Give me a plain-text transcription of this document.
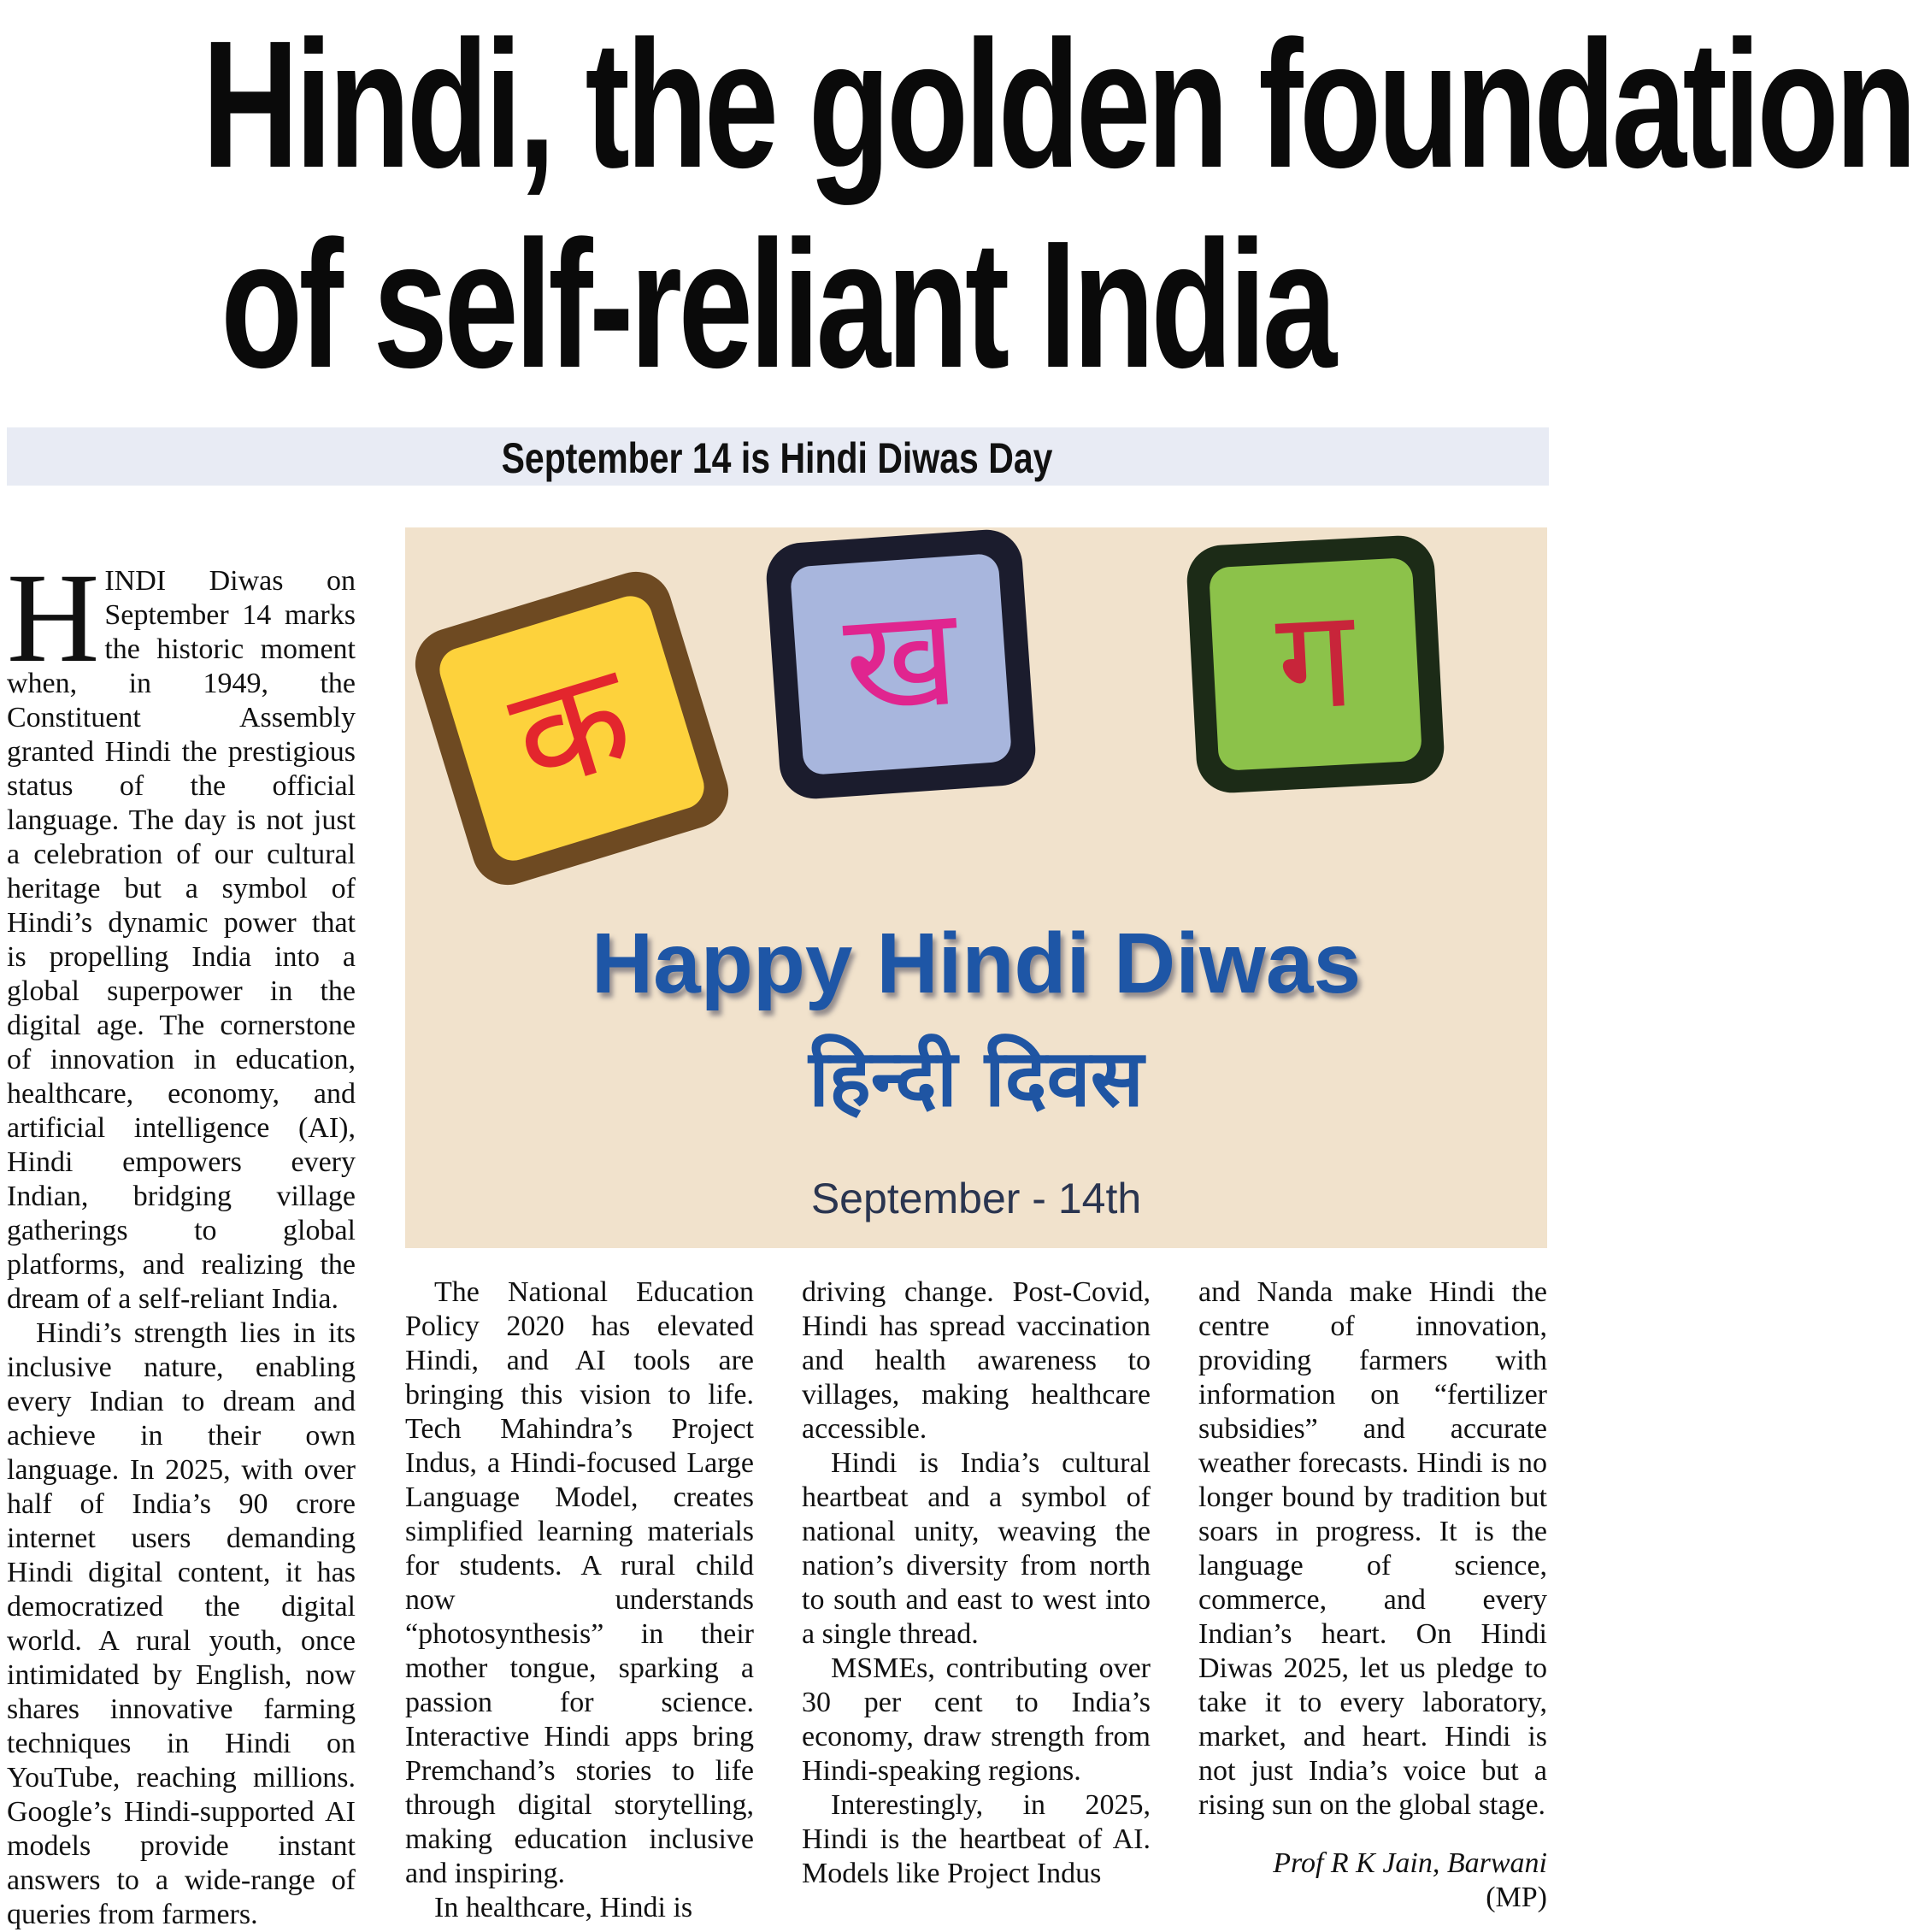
Hindi, the golden foundation
of self-reliant India
September 14 is Hindi Diwas Day

HINDI Diwas on September 14 marks the historic moment when, in 1949, the Constituent Assembly granted Hindi the prestigious status of the official language. The day is not just a celebration of our cultural heritage but a symbol of Hindi’s dynamic power that is propelling India into a global superpower in the digital age. The cornerstone of innovation in education, healthcare, economy, and artificial intelligence (AI), Hindi empowers every Indian, bridging village gatherings to global platforms, and realizing the dream of a self-reliant India.

Hindi’s strength lies in its inclusive nature, enabling every Indian to dream and achieve in their own language. In 2025, with over half of India’s 90 crore internet users demanding Hindi digital content, it has democratized the digital world. A rural youth, once intimidated by English, now shares innovative farming techniques in Hindi on YouTube, reaching millions. Google’s Hindi-supported AI models provide instant answers to a wide-range of queries from farmers.

क	ख	ग
Happy Hindi Diwas
हिन्दी दिवस
September - 14th

The National Education Policy 2020 has elevated Hindi, and AI tools are bringing this vision to life. Tech Mahindra’s Project Indus, a Hindi-focused Large Language Model, creates simplified learning materials for students. A rural child now understands “photosynthesis” in their mother tongue, sparking a passion for science. Interactive Hindi apps bring Premchand’s stories to life through digital storytelling, making education inclusive and inspiring.

In healthcare, Hindi is

driving change. Post-Covid, Hindi has spread vaccination and health awareness to villages, making healthcare accessible.

Hindi is India’s cultural heartbeat and a symbol of national unity, weaving the nation’s diversity from north to south and east to west into a single thread.

MSMEs, contributing over 30 per cent to India’s economy, draw strength from Hindi-speaking regions.

Interestingly, in 2025, Hindi is the heartbeat of AI. Models like Project Indus

and Nanda make Hindi the centre of innovation, providing farmers with information on “fertilizer subsidies” and accurate weather forecasts. Hindi is no longer bound by tradition but soars in progress. It is the language of science, commerce, and every Indian’s heart. On Hindi Diwas 2025, let us pledge to take it to every laboratory, market, and heart. Hindi is not just India’s voice but a rising sun on the global stage.

Prof R K Jain, Barwani
(MP)
